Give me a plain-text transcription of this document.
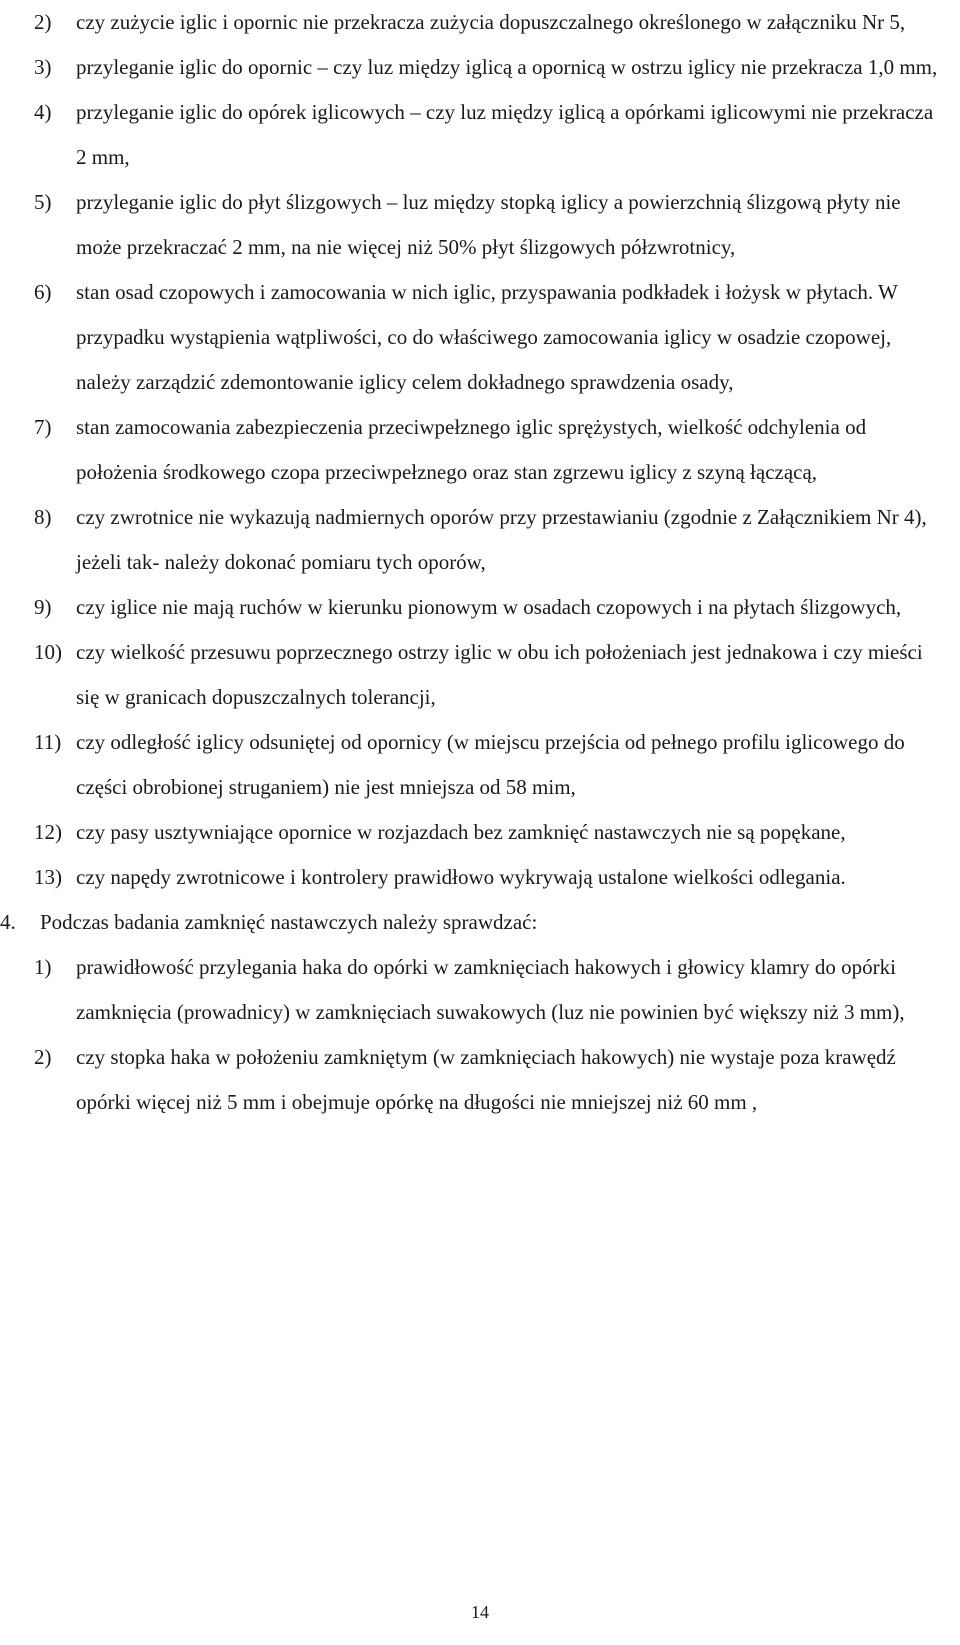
2) czy zużycie iglic i opornic nie przekracza zużycia dopuszczalnego określonego w załączniku Nr 5,
3) przyleganie iglic do opornic – czy luz między iglicą a opornicą w ostrzu iglicy nie przekracza 1,0 mm,
4) przyleganie iglic do opórek iglicowych – czy luz między iglicą a opórkami iglicowymi nie przekracza 2 mm,
5) przyleganie iglic do płyt ślizgowych – luz między stopką iglicy a powierzchnią ślizgową płyty nie może przekraczać 2 mm, na nie więcej niż 50% płyt ślizgowych półzwrotnicy,
6) stan osad czopowych i zamocowania w nich iglic, przyspawania podkładek i łożysk w płytach. W przypadku wystąpienia wątpliwości, co do właściwego zamocowania iglicy w osadzie czopowej, należy zarządzić zdemontowanie iglicy celem dokładnego sprawdzenia osady,
7) stan zamocowania zabezpieczenia przeciwpełznego iglic sprężystych, wielkość odchylenia od położenia środkowego czopa przeciwpełznego oraz stan zgrzewu iglicy z szyną łączącą,
8) czy zwrotnice nie wykazują nadmiernych oporów przy przestawianiu (zgodnie z Załącznikiem Nr 4), jeżeli tak- należy dokonać pomiaru tych oporów,
9) czy iglice nie mają ruchów w kierunku pionowym w osadach czopowych i na płytach ślizgowych,
10) czy wielkość przesuwu poprzecznego ostrzy iglic w obu ich położeniach jest jednakowa i czy mieści się w granicach dopuszczalnych tolerancji,
11) czy odległość iglicy odsuniętej od opornicy (w miejscu przejścia od pełnego profilu iglicowego do części obrobionej struganiem) nie jest mniejsza od 58 mim,
12) czy pasy usztywniające opornice w rozjazdach bez zamknięć nastawczych nie są popękane,
13) czy napędy zwrotnicowe i kontrolery prawidłowo wykrywają ustalone wielkości odlegania.
4. Podczas badania zamknięć nastawczych należy sprawdzać:
1) prawidłowość przylegania haka do opórki w zamknięciach hakowych i głowicy klamry do opórki zamknięcia (prowadnicy) w zamknięciach suwakowych (luz nie powinien być większy niż 3 mm),
2) czy stopka haka w położeniu zamkniętym (w zamknięciach hakowych) nie wystaje poza krawędź opórki więcej niż 5 mm i obejmuje opórkę na długości nie mniejszej niż 60 mm ,
14
